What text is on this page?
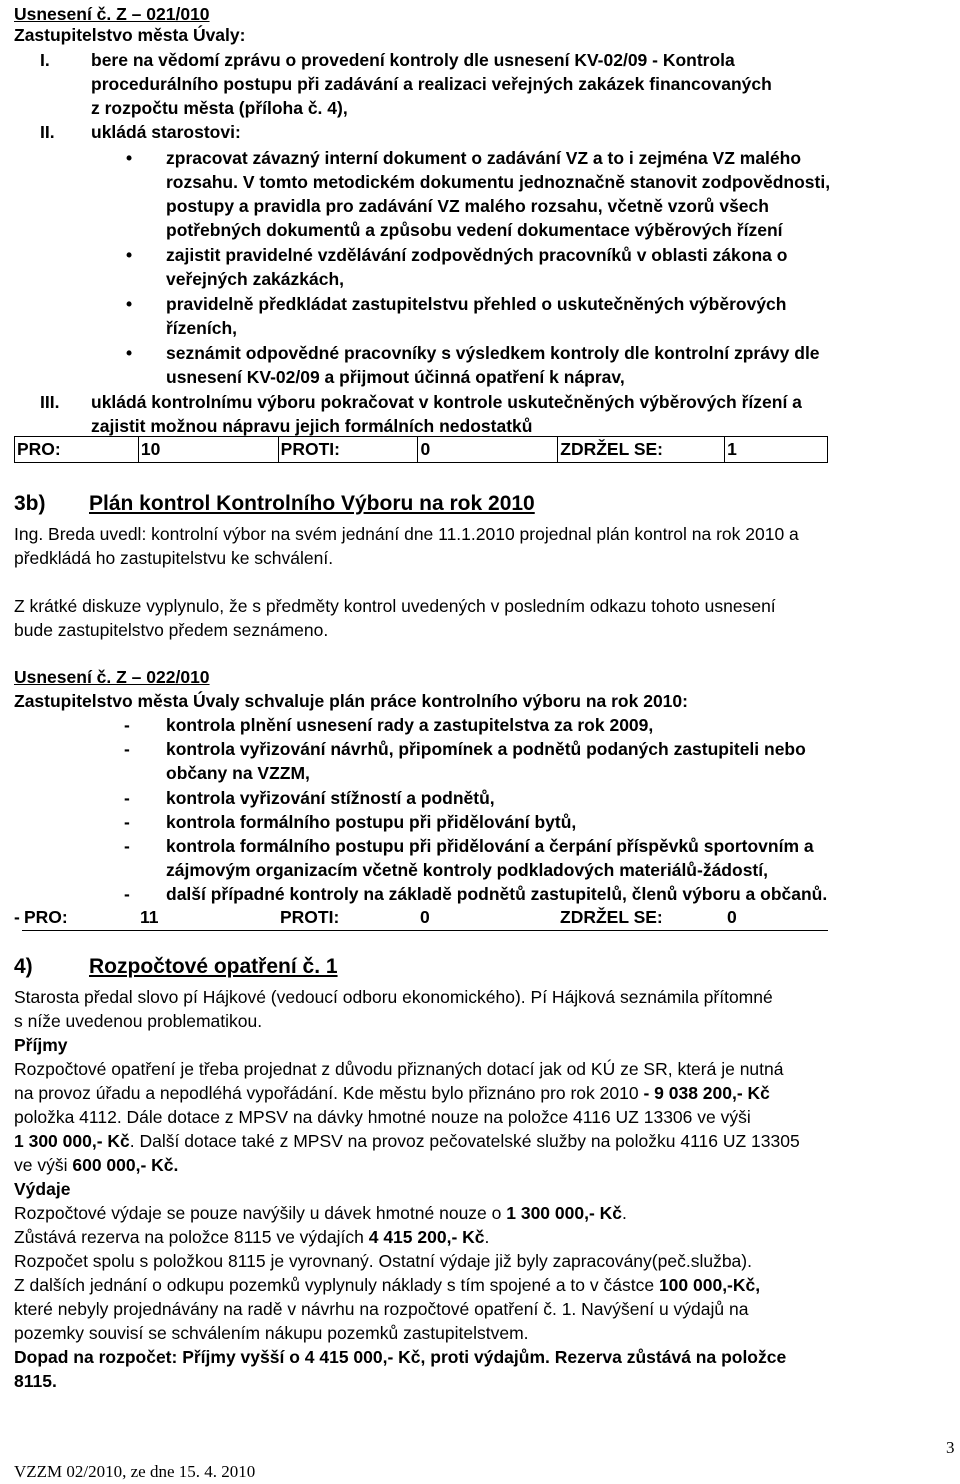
Usnesení č. Z – 021/010
Zastupitelstvo města Úvaly:
I. bere na vědomí zprávu o provedení kontroly dle usnesení KV-02/09 - Kontrola
procedurálního postupu při zadávání a realizaci veřejných zakázek financovaných
z rozpočtu města (příloha č. 4),
II. ukládá starostovi:
• zpracovat závazný interní dokument o zadávání VZ a to i zejména VZ malého
rozsahu. V tomto metodickém dokumentu jednoznačně stanovit zodpovědnosti,
postupy a pravidla pro zadávání VZ malého rozsahu, včetně vzorů všech
potřebných dokumentů a způsobu vedení dokumentace výběrových řízení
• zajistit pravidelné vzdělávání zodpovědných pracovníků v oblasti zákona o
veřejných zakázkách,
• pravidelně předkládat zastupitelstvu přehled o uskutečněných výběrových
řízeních,
• seznámit odpovědné pracovníky s výsledkem kontroly dle kontrolní zprávy dle
usnesení KV-02/09 a přijmout účinná opatření k náprav,
III. ukládá kontrolnímu výboru pokračovat v kontrole uskutečněných výběrových řízení a
zajistit možnou nápravu jejich formálních nedostatků
PRO:	10	PROTI:	0	ZDRŽEL SE:	1
3b) Plán kontrol Kontrolního Výboru na rok 2010
Ing. Breda uvedl: kontrolní výbor na svém jednání dne 11.1.2010 projednal plán kontrol na rok 2010 a
předkládá ho zastupitelstvu ke schválení.
Z krátké diskuze vyplynulo, že s předměty kontrol uvedených v posledním odkazu tohoto usnesení
bude zastupitelstvo předem seznámeno.
Usnesení č. Z – 022/010
Zastupitelstvo města Úvaly schvaluje plán práce kontrolního výboru na rok 2010:
- kontrola plnění usnesení rady a zastupitelstva za rok 2009,
- kontrola vyřizování návrhů, připomínek a podnětů podaných zastupiteli nebo
občany na VZZM,
- kontrola vyřizování stížností a podnětů,
- kontrola formálního postupu při přidělování bytů,
- kontrola formálního postupu při přidělování a čerpání příspěvků sportovním a
zájmovým organizacím včetně kontroly podkladových materiálů-žádostí,
- další případné kontroly na základě podnětů zastupitelů, členů výboru a občanů.
- PRO:	11	PROTI:	0	ZDRŽEL SE:	0
4)	Rozpočtové opatření č. 1
Starosta předal slovo pí Hájkové (vedoucí odboru ekonomického). Pí Hájková seznámila přítomné
s níže uvedenou problematikou.
Příjmy
Rozpočtové opatření je třeba projednat z důvodu přiznaných dotací jak od KÚ ze SR, která je nutná
na provoz úřadu a nepodléhá vypořádání. Kde městu bylo přiznáno pro rok 2010 - 9 038 200,- Kč
položka 4112. Dále dotace z MPSV na dávky hmotné nouze na položce 4116 UZ 13306 ve výši
1 300 000,- Kč. Další dotace také z MPSV na provoz pečovatelské služby na položku 4116 UZ 13305
ve výši 600 000,- Kč.
Výdaje
Rozpočtové výdaje se pouze navýšily u dávek hmotné nouze o 1 300 000,- Kč.
Zůstává rezerva na položce 8115 ve výdajích 4 415 200,- Kč.
Rozpočet spolu s položkou 8115 je vyrovnaný. Ostatní výdaje již byly zapracovány(peč.služba).
Z dalších jednání o odkupu pozemků vyplynuly náklady s tím spojené a to v částce 100 000,-Kč,
které nebyly projednávány na radě v návrhu na rozpočtové opatření č. 1. Navýšení u výdajů na
pozemky souvisí se schválením nákupu pozemků zastupitelstvem.
Dopad na rozpočet: Příjmy vyšší o 4 415 000,- Kč, proti výdajům. Rezerva zůstává na položce
8115.
3
VZZM 02/2010, ze dne 15. 4. 2010
